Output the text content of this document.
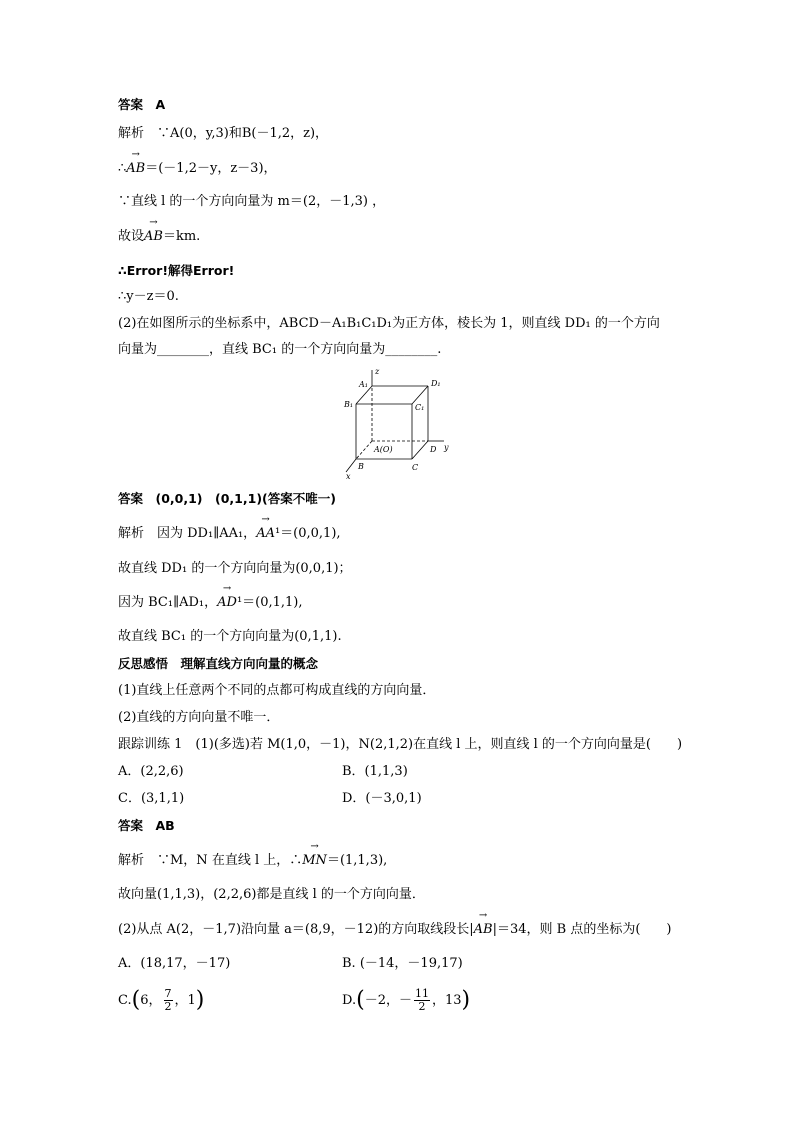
答案　A
解析　∵A(0，y,3)和B(－1,2，z)，
∴→ AB＝(－1,2－y，z－3)，
∵直线 l 的一个方向向量为 m＝(2，－1,3) ，
故设→ AB＝km.
∴Error!解得Error!
∴y－z＝0.
(2)在如图所示的坐标系中，ABCD－A₁B₁C₁D₁为正方体，棱长为 1，则直线 DD₁ 的一个方向
向量为________，直线 BC₁ 的一个方向向量为________.
A₁	D₁
B₁	C₁
A(O)
B	C
D
x
y
z
答案　(0,0,1)　(0,1,1)(答案不唯一)
解析　因为 DD₁∥AA₁，→ AA¹＝(0,0,1),
故直线 DD₁ 的一个方向向量为(0,0,1)；
因为 BC₁∥AD₁，→ AD¹＝(0,1,1),
故直线 BC₁ 的一个方向向量为(0,1,1).
反思感悟　理解直线方向向量的概念
(1)直线上任意两个不同的点都可构成直线的方向向量．
(2)直线的方向向量不唯一．
跟踪训练 1　(1)(多选)若 M(1,0，－1)，N(2,1,2)在直线 l 上，则直线 l 的一个方向向量是(　　)
A．(2,2,6)	B．(1,1,3)
C．(3,1,1)	D．(－3,0,1)
答案　AB
解析　∵M，N 在直线 l 上，∴→ MN＝(1,1,3),
故向量(1,1,3)，(2,2,6)都是直线 l 的一个方向向量．
(2)从点 A(2，－1,7)沿向量 a＝(8,9，－12)的方向取线段长|→ AB|＝34，则 B 点的坐标为(　　)
A．(18,17，－17)	B. (－14，－19,17)
C.(6， $\frac{7}{2}$ ，1)	D.(－2，－ $\frac{11}{2}$ ，13)
